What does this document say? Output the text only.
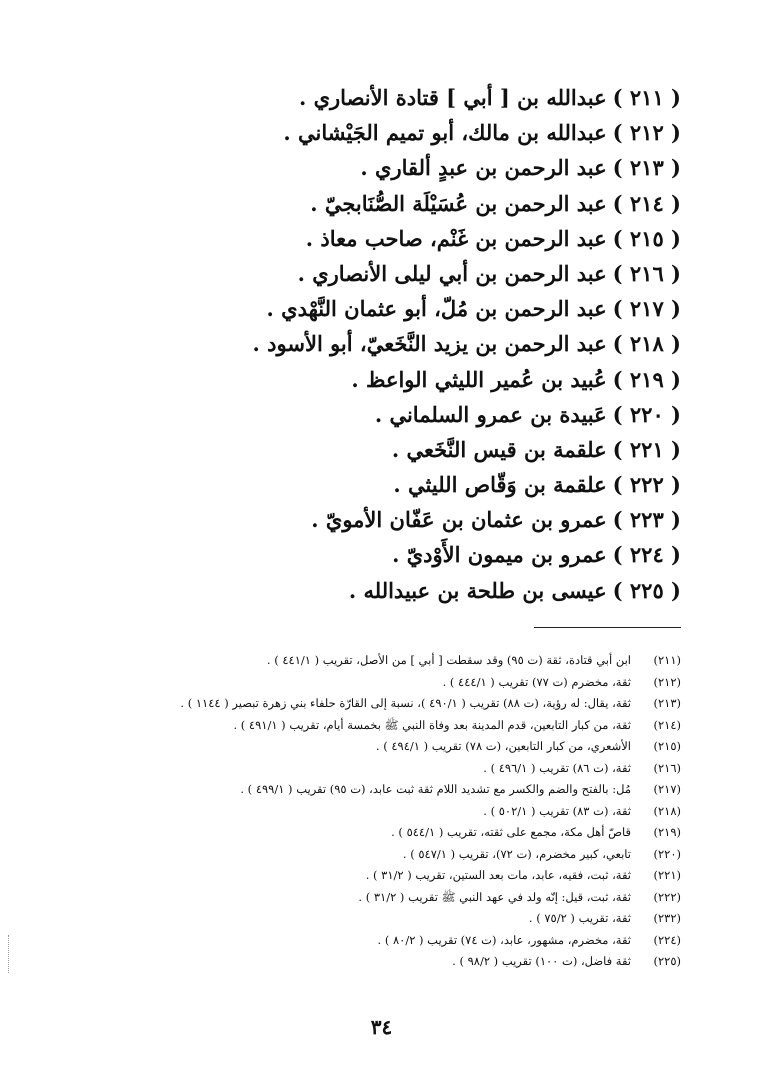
( ٢١١ )عبدالله بن [ أبي ] قتادة الأنصاري .
( ٢١٢ )عبدالله بن مالك، أبو تميم الجَيْشاني .
( ٢١٣ )عبد الرحمن بن عبدٍ ألقاري .
( ٢١٤ )عبد الرحمن بن عُسَيْلَة الصُّنَابجيّ .
( ٢١٥ )عبد الرحمن بن غَنْم، صاحب معاذ .
( ٢١٦ )عبد الرحمن بن أبي ليلى الأنصاري .
( ٢١٧ )عبد الرحمن بن مُلّ، أبو عثمان النَّهْدي .
( ٢١٨ )عبد الرحمن بن يزيد النَّخَعيّ، أبو الأسود .
( ٢١٩ )عُبيد بن عُمير الليثي الواعظ .
( ٢٢٠ )عَبيدة بن عمرو السلماني .
( ٢٢١ )علقمة بن قيس النَّخَعي .
( ٢٢٢ )علقمة بن وَقّاص الليثي .
( ٢٢٣ )عمرو بن عثمان بن عَفّان الأمويّ .
( ٢٢٤ )عمرو بن ميمون الأَوْديّ .
( ٢٢٥ )عيسى بن طلحة بن عبيدالله .
(٢١١)
ابن أبي قتادة، ثقة (ت ٩٥) وقد سقطت [ أبي ] من الأصل، تقريب ( ٤٤١/١ ) .
(٢١٢)
ثقة، مخضرم (ت ٧٧) تقريب ( ٤٤٤/١ ) .
(٢١٣)
ثقة، يقال: له رؤية، (ت ٨٨) تقريب ( ٤٩٠/١ )، نسبة إلى القارّة حلفاء بني زهرة تبصير ( ١١٤٤ ) .
(٢١٤)
ثقة، من كبار التابعين، قدم المدينة بعد وفاة النبي ﷺ بخمسة أيام، تقريب ( ٤٩١/١ ) .
(٢١٥)
الأشعري، من كبار التابعين، (ت ٧٨) تقريب ( ٤٩٤/١ ) .
(٢١٦)
ثقة، (ت ٨٦) تقريب ( ٤٩٦/١ ) .
(٢١٧)
مُل: بالفتح والضم والكسر مع تشديد اللام ثقة ثبت عابد، (ت ٩٥) تقريب ( ٤٩٩/١ ) .
(٢١٨)
ثقة، (ت ٨٣) تقريب ( ٥٠٢/١ ) .
(٢١٩)
قاصّ أهل مكة، مجمع على ثقته، تقريب ( ٥٤٤/١ ) .
(٢٢٠)
تابعي، كبير مخضرم، (ت ٧٢)، تقريب ( ٥٤٧/١ ) .
(٢٢١)
ثقة، ثبت، فقيه، عابد، مات بعد الستين، تقريب ( ٣١/٢ ) .
(٢٢٢)
ثقة، ثبت، قيل: إنّه ولد في عهد النبي ﷺ تقريب ( ٣١/٢ ) .
(٢٣٢)
ثقة، تقريب ( ٧٥/٢ ) .
(٢٢٤)
ثقة، مخضرم، مشهور، عابد، (ت ٧٤) تقريب ( ٨٠/٢ ) .
(٢٢٥)
ثقة فاضل، (ت ١٠٠) تقريب ( ٩٨/٢ ) .
٣٤
